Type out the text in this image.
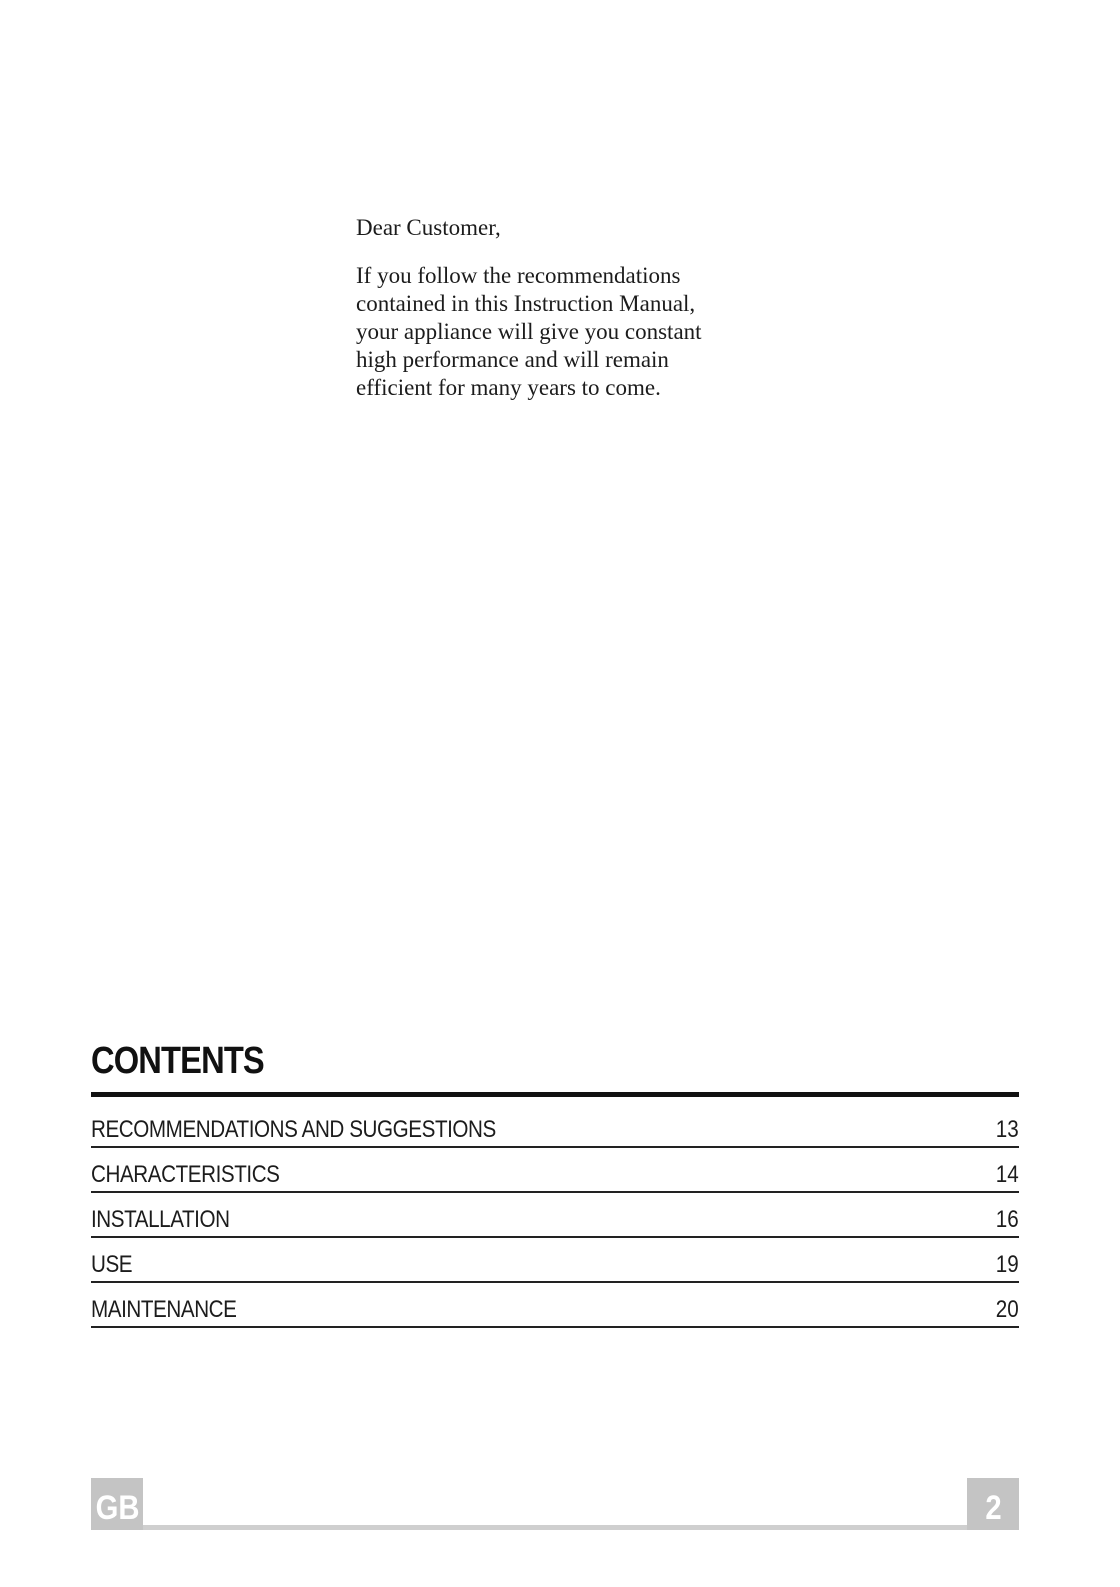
Dear Customer,

If you follow the recommendations
contained in this Instruction Manual,
your appliance will give you constant
high performance and will remain
efficient for many years to come.

CONTENTS
RECOMMENDATIONS AND SUGGESTIONS	13
CHARACTERISTICS	14
INSTALLATION	16
USE	19
MAINTENANCE	20
GB	2
